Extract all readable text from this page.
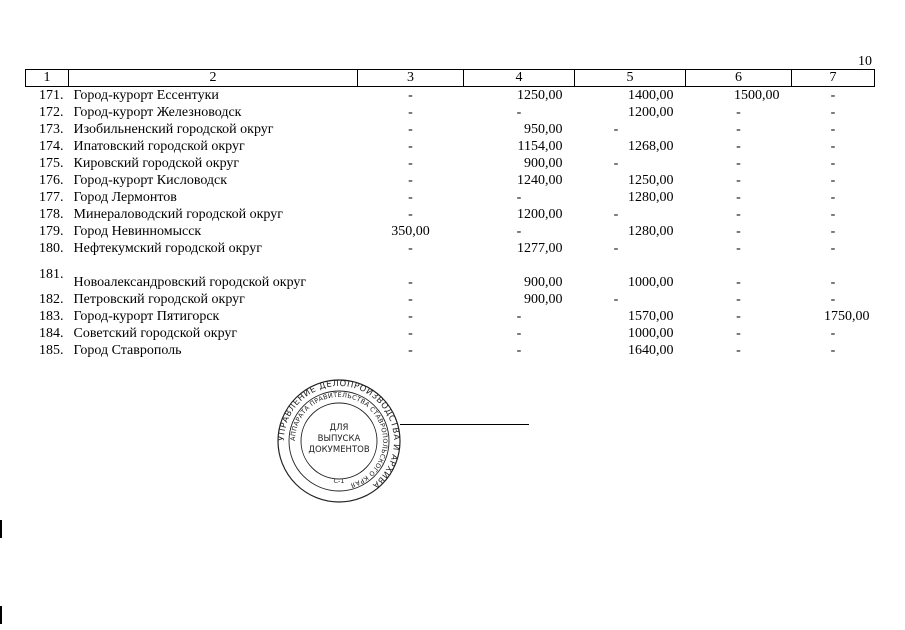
10
1	2	3	4	5	6	7
171.	Город-курорт Ессентуки	-	1250,00	1400,00	1500,00	-
172.	Город-курорт Железноводск	-	-	1200,00	-	-
173.	Изобильненский городской округ	-	950,00	-	-	-
174.	Ипатовский городской округ	-	1154,00	1268,00	-	-
175.	Кировский городской округ	-	900,00	-	-	-
176.	Город-курорт Кисловодск	-	1240,00	1250,00	-	-
177.	Город Лермонтов	-	-	1280,00	-	-
178.	Минераловодский городской округ	-	1200,00	-	-	-
179.	Город Невинномысск	350,00	-	1280,00	-	-
180.	Нефтекумский городской округ	-	1277,00	-	-	-
181.	Новоалександровский городской округ	-	900,00	1000,00	-	-
182.	Петровский городской округ	-	900,00	-	-	-
183.	Город-курорт Пятигорск	-	-	1570,00	-	1750,00
184.	Советский городской округ	-	-	1000,00	-	-
185.	Город Ставрополь	-	-	1640,00	-	-
УПРАВЛЕНИЕ ДЕЛОПРОИЗВОДСТВА И АРХИВА
АППАРАТА ПРАВИТЕЛЬСТВА СТАВРОПОЛЬСКОГО КРАЯ
ДЛЯ
ВЫПУСКА
ДОКУМЕНТОВ
С-1
